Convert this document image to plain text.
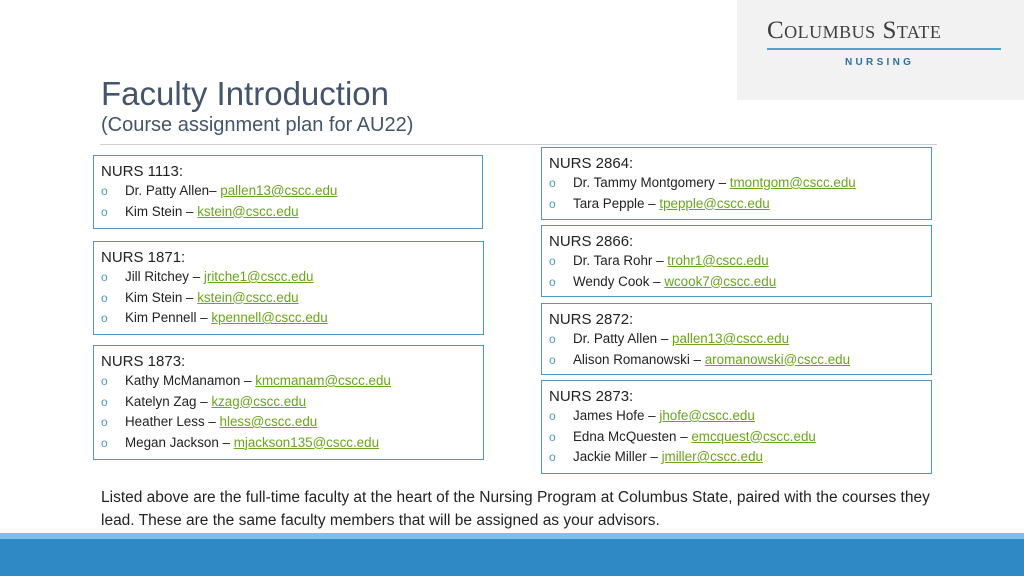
Columbus State
NURSING
Faculty Introduction
(Course assignment plan for AU22)
NURS 1113:
o Dr. Patty Allen– pallen13@cscc.edu
o Kim Stein – kstein@cscc.edu
NURS 1871:
o Jill Ritchey – jritche1@cscc.edu
o Kim Stein – kstein@cscc.edu
o Kim Pennell – kpennell@cscc.edu
NURS 1873:
o Kathy McManamon – kmcmanam@cscc.edu
o Katelyn Zag – kzag@cscc.edu
o Heather Less – hless@cscc.edu
o Megan Jackson – mjackson135@cscc.edu
NURS 2864:
o Dr. Tammy Montgomery – tmontgom@cscc.edu
o Tara Pepple – tpepple@cscc.edu
NURS 2866:
o Dr. Tara Rohr – trohr1@cscc.edu
o Wendy Cook – wcook7@cscc.edu
NURS 2872:
o Dr. Patty Allen – pallen13@cscc.edu
o Alison Romanowski – aromanowski@cscc.edu
NURS 2873:
o James Hofe – jhofe@cscc.edu
o Edna McQuesten – emcquest@cscc.edu
o Jackie Miller – jmiller@cscc.edu
Listed above are the full-time faculty at the heart of the Nursing Program at Columbus State, paired with the courses they lead. These are the same faculty members that will be assigned as your advisors.
